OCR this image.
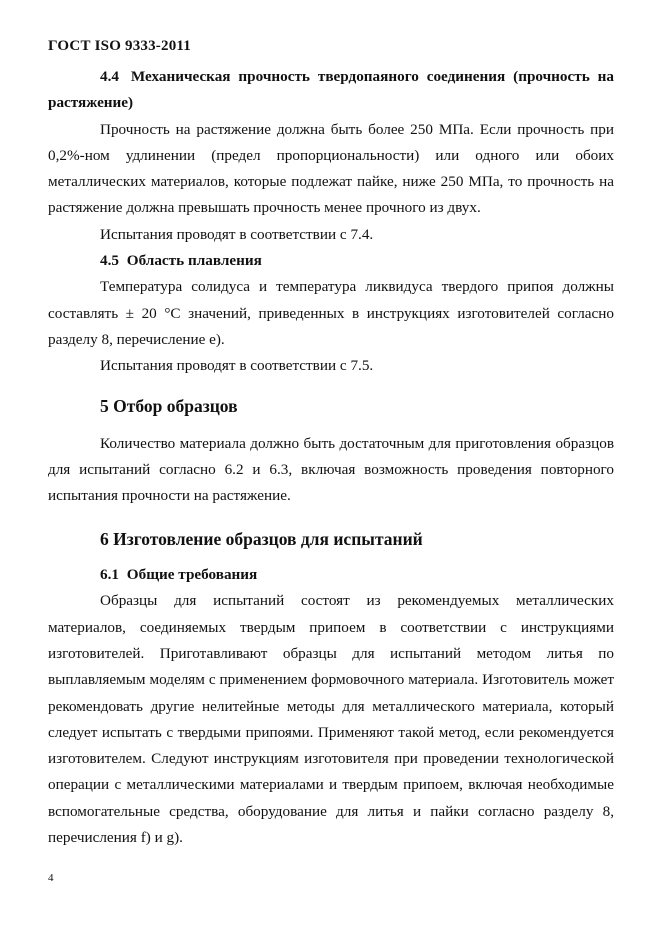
ГОСТ ISO 9333-2011
4.4 Механическая прочность твердопаяного соединения (прочность на растяжение)

Прочность на растяжение должна быть более 250 МПа. Если прочность при 0,2%-ном удлинении (предел пропорциональности) или одного или обоих металлических материалов, которые подлежат пайке, ниже 250 МПа, то прочность на растяжение должна превышать прочность менее прочного из двух.

Испытания проводят в соответствии с 7.4.

4.5 Область плавления

Температура солидуса и температура ликвидуса твердого припоя должны составлять ± 20 °C значений, приведенных в инструкциях изготовителей согласно разделу 8, перечисление е).

Испытания проводят в соответствии с 7.5.

5 Отбор образцов

Количество материала должно быть достаточным для приготовления образцов для испытаний согласно 6.2 и 6.3, включая возможность проведения повторного испытания прочности на растяжение.

6 Изготовление образцов для испытаний
6.1 Общие требования

Образцы для испытаний состоят из рекомендуемых металлических материалов, соединяемых твердым припоем в соответствии с инструкциями изготовителей. Приготавливают образцы для испытаний методом литья по выплавляемым моделям с применением формовочного материала. Изготовитель может рекомендовать другие нелитейные методы для металлического материала, который следует испытать с твердыми припоями. Применяют такой метод, если рекомендуется изготовителем. Следуют инструкциям изготовителя при проведении технологической операции с металлическими материалами и твердым припоем, включая необходимые вспомогательные средства, оборудование для литья и пайки согласно разделу 8, перечисления f) и g).

4
